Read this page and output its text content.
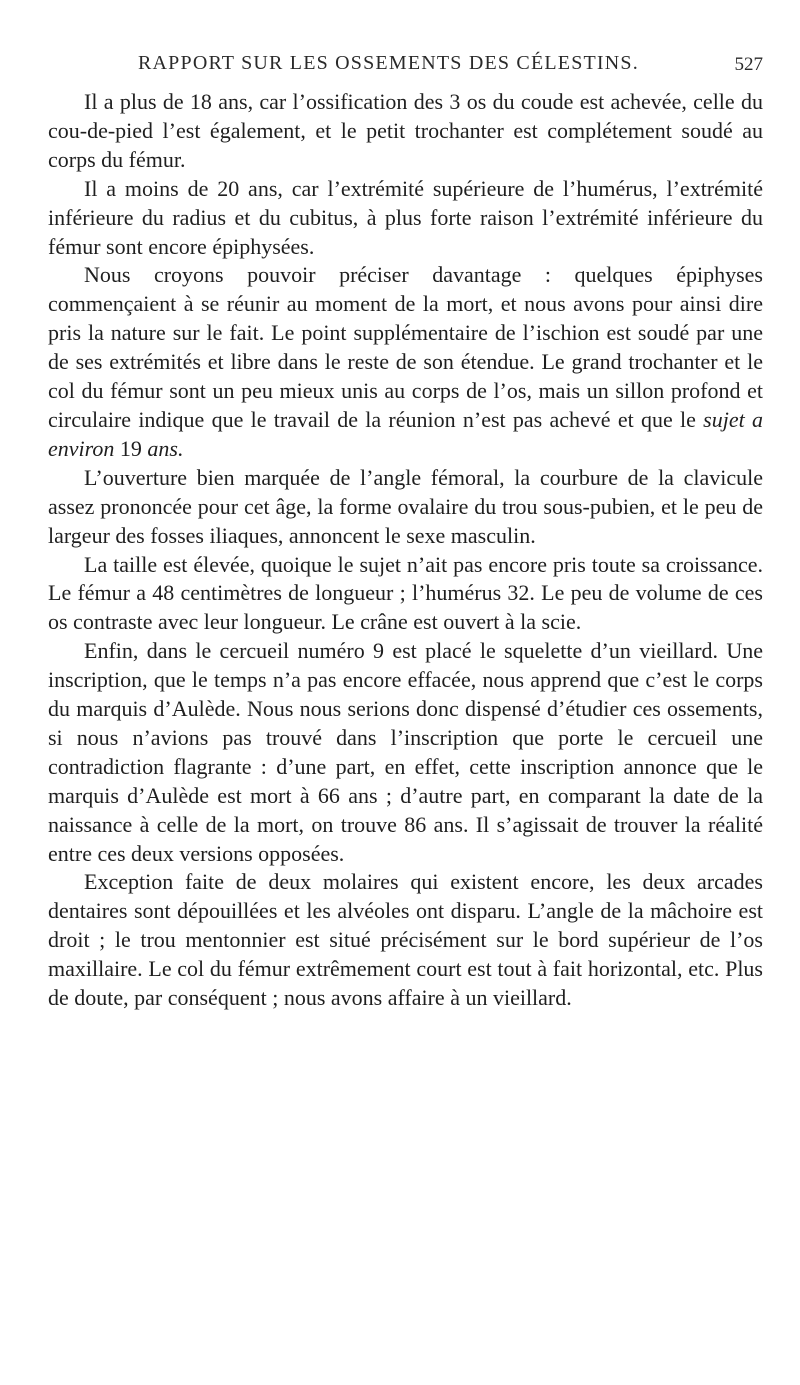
RAPPORT SUR LES OSSEMENTS DES CÉLESTINS.	527

Il a plus de 18 ans, car l’ossification des 3 os du coude est achevée, celle du cou-de-pied l’est également, et le petit trochanter est complétement soudé au corps du fémur.

Il a moins de 20 ans, car l’extrémité supérieure de l’humérus, l’extrémité inférieure du radius et du cubitus, à plus forte raison l’extrémité inférieure du fémur sont encore épiphysées.

Nous croyons pouvoir préciser davantage : quelques épiphyses commençaient à se réunir au moment de la mort, et nous avons pour ainsi dire pris la nature sur le fait. Le point supplémentaire de l’ischion est soudé par une de ses extrémités et libre dans le reste de son étendue. Le grand trochanter et le col du fémur sont un peu mieux unis au corps de l’os, mais un sillon profond et circulaire indique que le travail de la réunion n’est pas achevé et que le sujet a environ 19 ans.

L’ouverture bien marquée de l’angle fémoral, la courbure de la clavicule assez prononcée pour cet âge, la forme ovalaire du trou sous-pubien, et le peu de largeur des fosses iliaques, annoncent le sexe masculin.

La taille est élevée, quoique le sujet n’ait pas encore pris toute sa croissance. Le fémur a 48 centimètres de longueur ; l’humérus 32. Le peu de volume de ces os contraste avec leur longueur. Le crâne est ouvert à la scie.

Enfin, dans le cercueil numéro 9 est placé le squelette d’un vieillard. Une inscription, que le temps n’a pas encore effacée, nous apprend que c’est le corps du marquis d’Aulède. Nous nous serions donc dispensé d’étudier ces ossements, si nous n’avions pas trouvé dans l’inscription que porte le cercueil une contradiction flagrante : d’une part, en effet, cette inscription annonce que le marquis d’Aulède est mort à 66 ans ; d’autre part, en comparant la date de la naissance à celle de la mort, on trouve 86 ans. Il s’agissait de trouver la réalité entre ces deux versions opposées.

Exception faite de deux molaires qui existent encore, les deux arcades dentaires sont dépouillées et les alvéoles ont disparu. L’angle de la mâchoire est droit ; le trou mentonnier est situé précisément sur le bord supérieur de l’os maxillaire. Le col du fémur extrêmement court est tout à fait horizontal, etc. Plus de doute, par conséquent ; nous avons affaire à un vieillard.
